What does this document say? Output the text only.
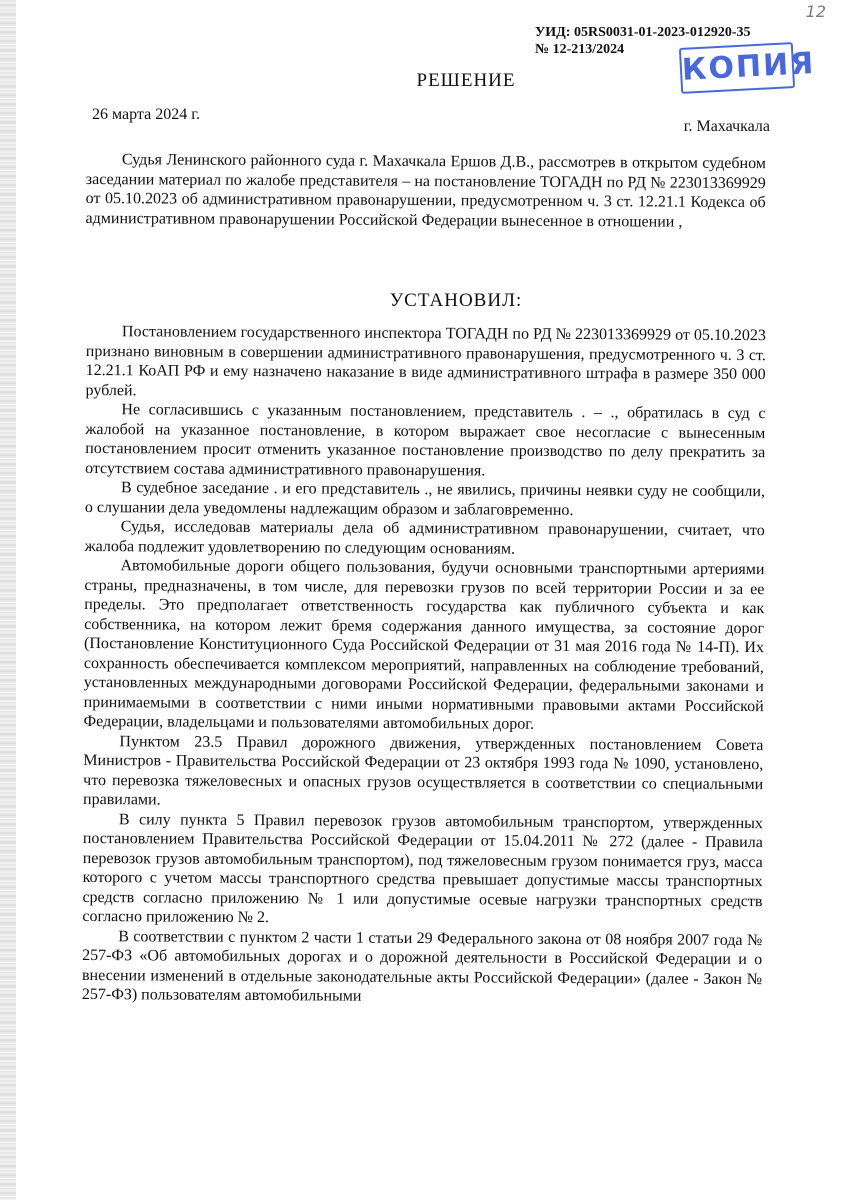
12
УИД: 05RS0031-01-2023-012920-35
№ 12-213/2024	КОПИЯ
РЕШЕНИЕ
26 марта 2024 г.
г. Махачкала

Судья Ленинского районного суда г. Махачкала Ершов Д.В., рассмотрев в открытом судебном заседании материал по жалобе представителя – на постановление ТОГАДН по РД № 223013369929 от 05.10.2023 об административном правонарушении, предусмотренном ч. 3 ст. 12.21.1 Кодекса об административном правонарушении Российской Федерации вынесенное в отношении ,

УСТАНОВИЛ:

Постановлением государственного инспектора ТОГАДН по РД № 223013369929 от 05.10.2023 признано виновным в совершении административного правонарушения, предусмотренного ч. 3 ст. 12.21.1 КоАП РФ и ему назначено наказание в виде административного штрафа в размере 350 000 рублей.

Не согласившись с указанным постановлением, представитель . – ., обратилась в суд с жалобой на указанное постановление, в котором выражает свое несогласие с вынесенным постановлением просит отменить указанное постановление производство по делу прекратить за отсутствием состава административного правонарушения.

В судебное заседание . и его представитель ., не явились, причины неявки суду не сообщили, о слушании дела уведомлены надлежащим образом и заблаговременно.

Судья, исследовав материалы дела об административном правонарушении, считает, что жалоба подлежит удовлетворению по следующим основаниям.

Автомобильные дороги общего пользования, будучи основными транспортными артериями страны, предназначены, в том числе, для перевозки грузов по всей территории России и за ее пределы. Это предполагает ответственность государства как публичного субъекта и как собственника, на котором лежит бремя содержания данного имущества, за состояние дорог (Постановление Конституционного Суда Российской Федерации от 31 мая 2016 года № 14-П). Их сохранность обеспечивается комплексом мероприятий, направленных на соблюдение требований, установленных международными договорами Российской Федерации, федеральными законами и принимаемыми в соответствии с ними иными нормативными правовыми актами Российской Федерации, владельцами и пользователями автомобильных дорог.

Пунктом 23.5 Правил дорожного движения, утвержденных постановлением Совета Министров - Правительства Российской Федерации от 23 октября 1993 года № 1090, установлено, что перевозка тяжеловесных и опасных грузов осуществляется в соответствии со специальными правилами.

В силу пункта 5 Правил перевозок грузов автомобильным транспортом, утвержденных постановлением Правительства Российской Федерации от 15.04.2011 № 272 (далее - Правила перевозок грузов автомобильным транспортом), под тяжеловесным грузом понимается груз, масса которого с учетом массы транспортного средства превышает допустимые массы транспортных средств согласно приложению № 1 или допустимые осевые нагрузки транспортных средств согласно приложению № 2.

В соответствии с пунктом 2 части 1 статьи 29 Федерального закона от 08 ноября 2007 года № 257-ФЗ «Об автомобильных дорогах и о дорожной деятельности в Российской Федерации и о внесении изменений в отдельные законодательные акты Российской Федерации» (далее - Закон № 257-ФЗ) пользователям автомобильными
